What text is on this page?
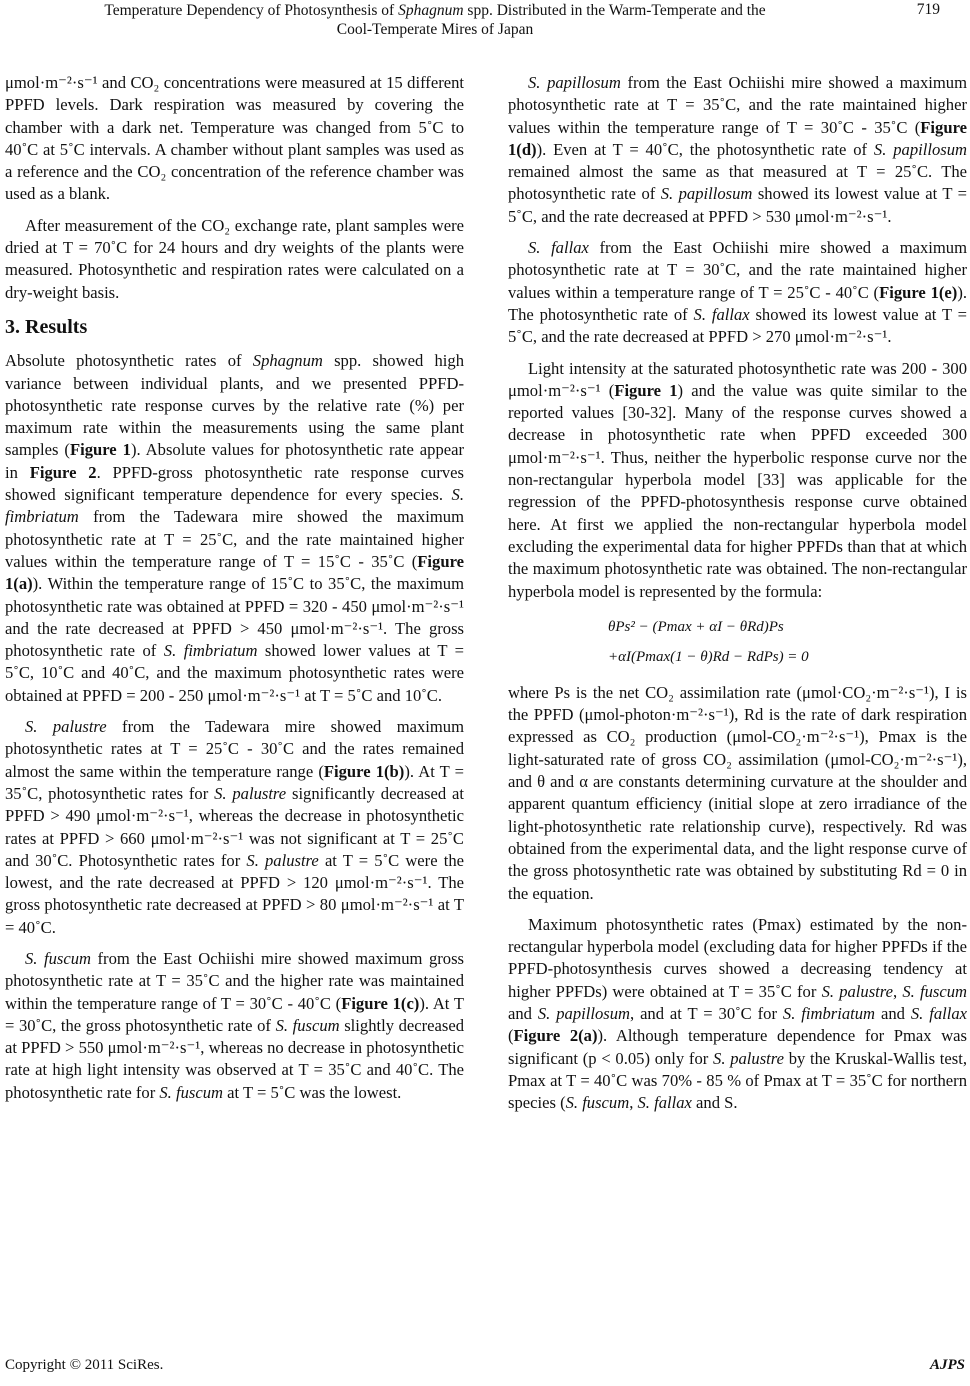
Temperature Dependency of Photosynthesis of Sphagnum spp. Distributed in the Warm-Temperate and the
Cool-Temperate Mires of Japan
719

μmol·m⁻²·s⁻¹ and CO₂ concentrations were measured at 15 different PPFD levels. Dark respiration was measured by covering the chamber with a dark net. Temperature was changed from 5˚C to 40˚C at 5˚C intervals. A chamber without plant samples was used as a reference and the CO₂ concentration of the reference chamber was used as a blank.

After measurement of the CO₂ exchange rate, plant samples were dried at T = 70˚C for 24 hours and dry weights of the plants were measured. Photosynthetic and respiration rates were calculated on a dry-weight basis.

3. Results

Absolute photosynthetic rates of Sphagnum spp. showed high variance between individual plants, and we presented PPFD-photosynthetic rate response curves by the relative rate (%) per maximum rate within the measurements using the same plant samples (Figure 1). Absolute values for photosynthetic rate appear in Figure 2. PPFD-gross photosynthetic rate response curves showed significant temperature dependence for every species. S. fimbriatum from the Tadewara mire showed the maximum photosynthetic rate at T = 25˚C, and the rate maintained higher values within the temperature range of T = 15˚C - 35˚C (Figure 1(a)). Within the temperature range of 15˚C to 35˚C, the maximum photosynthetic rate was obtained at PPFD = 320 - 450 μmol·m⁻²·s⁻¹ and the rate decreased at PPFD > 450 μmol·m⁻²·s⁻¹. The gross photosynthetic rate of S. fimbriatum showed lower values at T = 5˚C, 10˚C and 40˚C, and the maximum photosynthetic rates were obtained at PPFD = 200 - 250 μmol·m⁻²·s⁻¹ at T = 5˚C and 10˚C.

S. palustre from the Tadewara mire showed maximum photosynthetic rates at T = 25˚C - 30˚C and the rates remained almost the same within the temperature range (Figure 1(b)). At T = 35˚C, photosynthetic rates for S. palustre significantly decreased at PPFD > 490 μmol·m⁻²·s⁻¹, whereas the decrease in photosynthetic rates at PPFD > 660 μmol·m⁻²·s⁻¹ was not significant at T = 25˚C and 30˚C. Photosynthetic rates for S. palustre at T = 5˚C were the lowest, and the rate decreased at PPFD > 120 μmol·m⁻²·s⁻¹. The gross photosynthetic rate decreased at PPFD > 80 μmol·m⁻²·s⁻¹ at T = 40˚C.

S. fuscum from the East Ochiishi mire showed maximum gross photosynthetic rate at T = 35˚C and the higher rate was maintained within the temperature range of T = 30˚C - 40˚C (Figure 1(c)). At T = 30˚C, the gross photosynthetic rate of S. fuscum slightly decreased at PPFD > 550 μmol·m⁻²·s⁻¹, whereas no decrease in photosynthetic rate at high light intensity was observed at T = 35˚C and 40˚C. The photosynthetic rate for S. fuscum at T = 5˚C was the lowest.

S. papillosum from the East Ochiishi mire showed a maximum photosynthetic rate at T = 35˚C, and the rate maintained higher values within the temperature range of T = 30˚C - 35˚C (Figure 1(d)). Even at T = 40˚C, the photosynthetic rate of S. papillosum remained almost the same as that measured at T = 25˚C. The photosynthetic rate of S. papillosum showed its lowest value at T = 5˚C, and the rate decreased at PPFD > 530 μmol·m⁻²·s⁻¹.

S. fallax from the East Ochiishi mire showed a maximum photosynthetic rate at T = 30˚C, and the rate maintained higher values within a temperature range of T = 25˚C - 40˚C (Figure 1(e)). The photosynthetic rate of S. fallax showed its lowest value at T = 5˚C, and the rate decreased at PPFD > 270 μmol·m⁻²·s⁻¹.

Light intensity at the saturated photosynthetic rate was 200 - 300 μmol·m⁻²·s⁻¹ (Figure 1) and the value was quite similar to the reported values [30-32]. Many of the response curves showed a decrease in photosynthetic rate when PPFD exceeded 300 μmol·m⁻²·s⁻¹. Thus, neither the hyperbolic response curve nor the non-rectangular hyperbola model [33] was applicable for the regression of the PPFD-photosynthesis response curve obtained here. At first we applied the non-rectangular hyperbola model excluding the experimental data for higher PPFDs than that at which the maximum photosynthetic rate was obtained. The non-rectangular hyperbola model is represented by the formula:

θPs² − (Pmax + αI − θRd)Ps
+αI(Pmax(1 − θ)Rd − RdPs) = 0

where Ps is the net CO₂ assimilation rate (μmol·CO₂·m⁻²·s⁻¹), I is the PPFD (μmol-photon·m⁻²·s⁻¹), Rd is the rate of dark respiration expressed as CO₂ production (μmol-CO₂·m⁻²·s⁻¹), Pmax is the light-saturated rate of gross CO₂ assimilation (μmol-CO₂·m⁻²·s⁻¹), and θ and α are constants determining curvature at the shoulder and apparent quantum efficiency (initial slope at zero irradiance of the light-photosynthetic rate relationship curve), respectively. Rd was obtained from the experimental data, and the light response curve of the gross photosynthetic rate was obtained by substituting Rd = 0 in the equation.

Maximum photosynthetic rates (Pmax) estimated by the non-rectangular hyperbola model (excluding data for higher PPFDs if the PPFD-photosynthesis curves showed a decreasing tendency at higher PPFDs) were obtained at T = 35˚C for S. palustre, S. fuscum and S. papillosum, and at T = 30˚C for S. fimbriatum and S. fallax (Figure 2(a)). Although temperature dependence for Pmax was significant (p < 0.05) only for S. palustre by the Kruskal-Wallis test, Pmax at T = 40˚C was 70% - 85 % of Pmax at T = 35˚C for northern species (S. fuscum, S. fallax and S.

Copyright © 2011 SciRes.	AJPS
